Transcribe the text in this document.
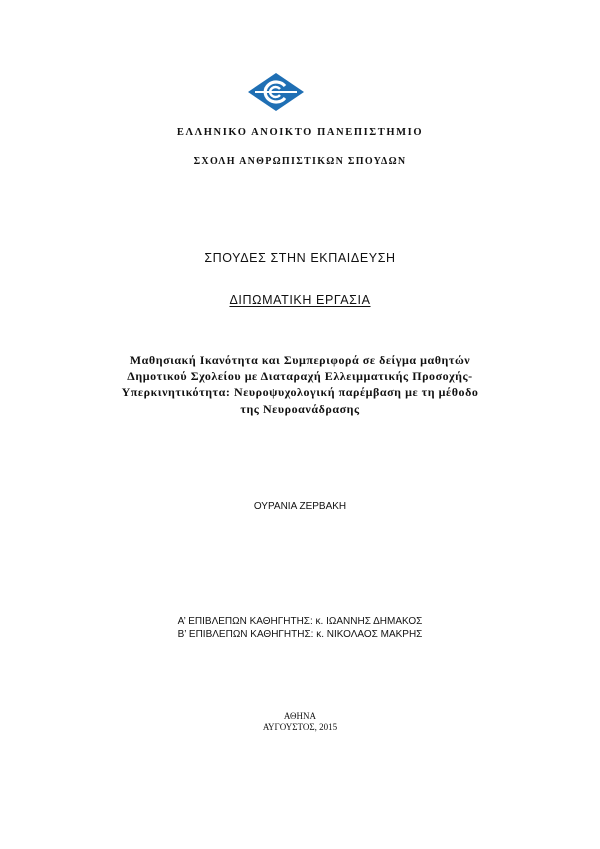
ΕΛΛΗΝΙΚΟ ΑΝΟΙΚΤΟ ΠΑΝΕΠΙΣΤΗΜΙΟ
ΣΧΟΛΗ ΑΝΘΡΩΠΙΣΤΙΚΩΝ ΣΠΟΥΔΩΝ
ΣΠΟΥΔΕΣ ΣΤΗΝ ΕΚΠΑΙΔΕΥΣΗ
ΔΙΠΩΜΑΤΙΚΗ ΕΡΓΑΣΙΑ
Μαθησιακή Ικανότητα και Συμπεριφορά σε δείγμα μαθητών
Δημοτικού Σχολείου με Διαταραχή Ελλειμματικής Προσοχής-
Υπερκινητικότητα: Νευροψυχολογική παρέμβαση με τη μέθοδο
της Νευροανάδρασης
ΟΥΡΑΝΙΑ ΖΕΡΒΑΚΗ
Α’ ΕΠΙΒΛΕΠΩΝ ΚΑΘΗΓΗΤΗΣ: κ. ΙΩΑΝΝΗΣ ΔΗΜΑΚΟΣ
Β’ ΕΠΙΒΛΕΠΩΝ ΚΑΘΗΓΗΤΗΣ: κ. ΝΙΚΟΛΑΟΣ ΜΑΚΡΗΣ
ΑΘΗΝΑ
ΑΥΓΟΥΣΤΟΣ, 2015
